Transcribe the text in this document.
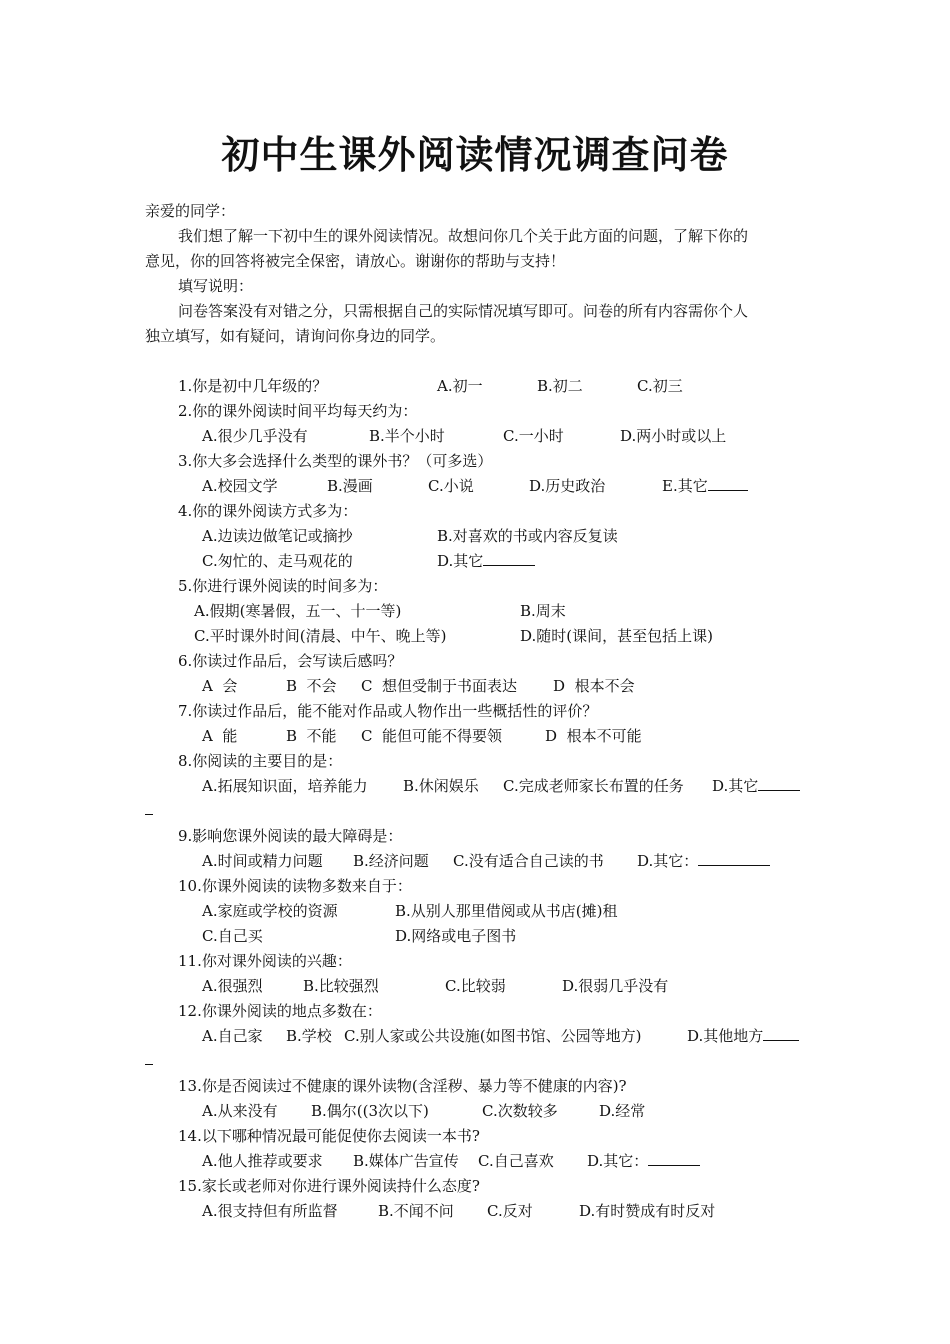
初中生课外阅读情况调查问卷
亲爱的同学：
我们想了解一下初中生的课外阅读情况。故想问你几个关于此方面的问题，了解下你的
意见，你的回答将被完全保密，请放心。谢谢你的帮助与支持！
填写说明：
问卷答案没有对错之分，只需根据自己的实际情况填写即可。问卷的所有内容需你个人
独立填写，如有疑问，请询问你身边的同学。
1.你是初中几年级的？	A.初一	B.初二	C.初三
2.你的课外阅读时间平均每天约为：
A.很少几乎没有	B.半个小时	C.一小时	D.两小时或以上
3.你大多会选择什么类型的课外书？（可多选）
A.校园文学	B.漫画	C.小说	D.历史政治	E.其它
4.你的课外阅读方式多为：
A.边读边做笔记或摘抄	B.对喜欢的书或内容反复读
C.匆忙的、走马观花的	D.其它
5.你进行课外阅读的时间多为：
A.假期(寒暑假，五一、十一等)	B.周末
C.平时课外时间(清晨、中午、晚上等)	D.随时(课间，甚至包括上课)
6.你读过作品后，会写读后感吗？
A  会	B  不会 C  想但受制于书面表达 D  根本不会
7.你读过作品后，能不能对作品或人物作出一些概括性的评价？
A  能	B  不能 C  能但可能不得要领	D  根本不可能
8.你阅读的主要目的是：
A.拓展知识面，培养能力 B.休闲娱乐 C.完成老师家长布置的任务 D.其它
9.影响您课外阅读的最大障碍是：
A.时间或精力问题 B.经济问题 C.没有适合自己读的书 D.其它：
10.你课外阅读的读物多数来自于：
A.家庭或学校的资源	B.从别人那里借阅或从书店(摊)租
C.自己买	D.网络或电子图书
11.你对课外阅读的兴趣：
A.很强烈	B.比较强烈	C.比较弱	D.很弱几乎没有
12.你课外阅读的地点多数在：
A.自己家 B.学校 C.别人家或公共设施(如图书馆、公园等地方)	D.其他地方
13.你是否阅读过不健康的课外读物(含淫秽、暴力等不健康的内容)?
A.从来没有 B.偶尔((3次以下)	C.次数较多	D.经常
14.以下哪种情况最可能促使你去阅读一本书?
A.他人推荐或要求 B.媒体广告宣传 C.自己喜欢 D.其它：
15.家长或老师对你进行课外阅读持什么态度?
A.很支持但有所监督	B.不闻不问 C.反对	D.有时赞成有时反对
